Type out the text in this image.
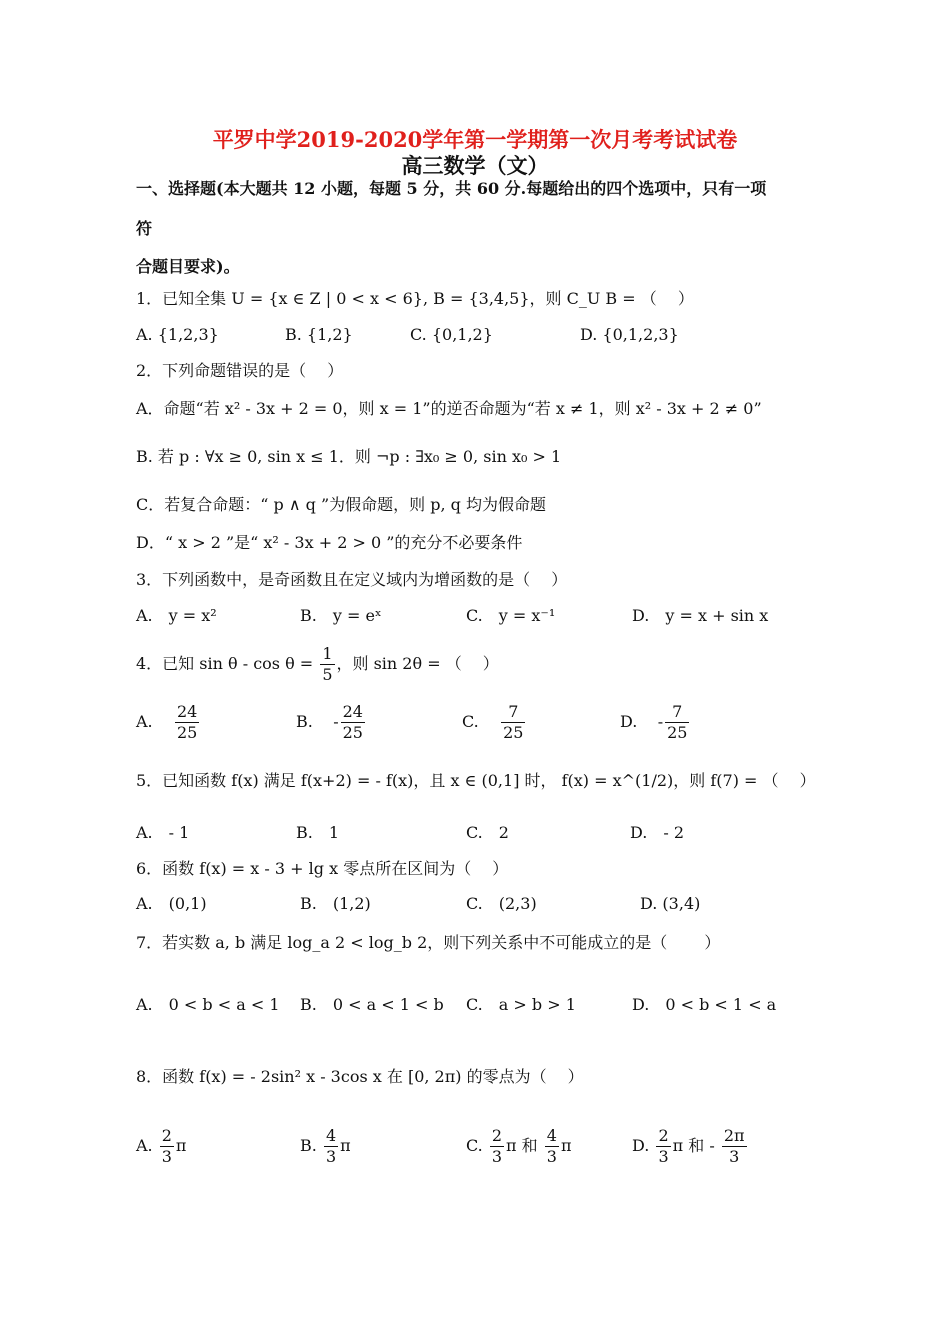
平罗中学2019-2020学年第一学期第一次月考考试试卷
高三数学（文）
一、选择题(本大题共 12 小题，每题 5 分，共 60 分.每题给出的四个选项中，只有一项
符
合题目要求)。
1．已知全集 U = {x ∈ Z | 0 < x < 6}, B = {3,4,5}，则 C_U B = （　 ）
A. {1,2,3}	B. {1,2}	C. {0,1,2}	D. {0,1,2,3}
2．下列命题错误的是（　 ）
A．命题“若 x² - 3x + 2 = 0，则 x = 1”的逆否命题为“若 x ≠ 1，则 x² - 3x + 2 ≠ 0”
B. 若 p : ∀x ≥ 0, sin x ≤ 1．则 ¬p : ∃x₀ ≥ 0, sin x₀ > 1
C．若复合命题：“ p ∧ q ”为假命题，则 p, q 均为假命题
D．“ x > 2 ”是“ x² - 3x + 2 > 0 ”的充分不必要条件
3．下列函数中，是奇函数且在定义域内为增函数的是（　 ）
A.　y = x²	B.　y = eˣ	C.　y = x⁻¹	D.　y = x + sin x
4．已知 $\sin \theta - \cos \theta = \frac{1}{5}$ ，则 sin 2θ = （　 ）
A. $\frac{24}{25}$	B. - $\frac{24}{25}$	C. $\frac{7}{25}$	D. - $\frac{7}{25}$
5．已知函数 f(x) 满足 f(x+2) = - f(x)，且 x ∈ (0,1] 时， f(x) = x^(1/2)，则 f(7) = （　 ）
A.　- 1	B.　1	C.　2	D.　- 2
6．函数 f(x) = x - 3 + lg x 零点所在区间为（　 ）
A.　(0,1)	B.　(1,2)	C.　(2,3)	D. (3,4)
7．若实数 a, b 满足 log_a 2 < log_b 2，则下列关系中不可能成立的是（　　 ）
A.　0 < b < a < 1 B.　0 < a < 1 < b C.　a > b > 1	D.　0 < b < 1 < a
8．函数 f(x) = - 2sin² x - 3cos x 在 [0, 2π) 的零点为（　 ）
A. $\frac{2}{3}$ π	B. $\frac{4}{3}$ π	C. $\frac{2}{3}$ π 和 $\frac{4}{3}$ π	D. $\frac{2}{3}$ π 和 - $\frac{2\pi}{3}$
